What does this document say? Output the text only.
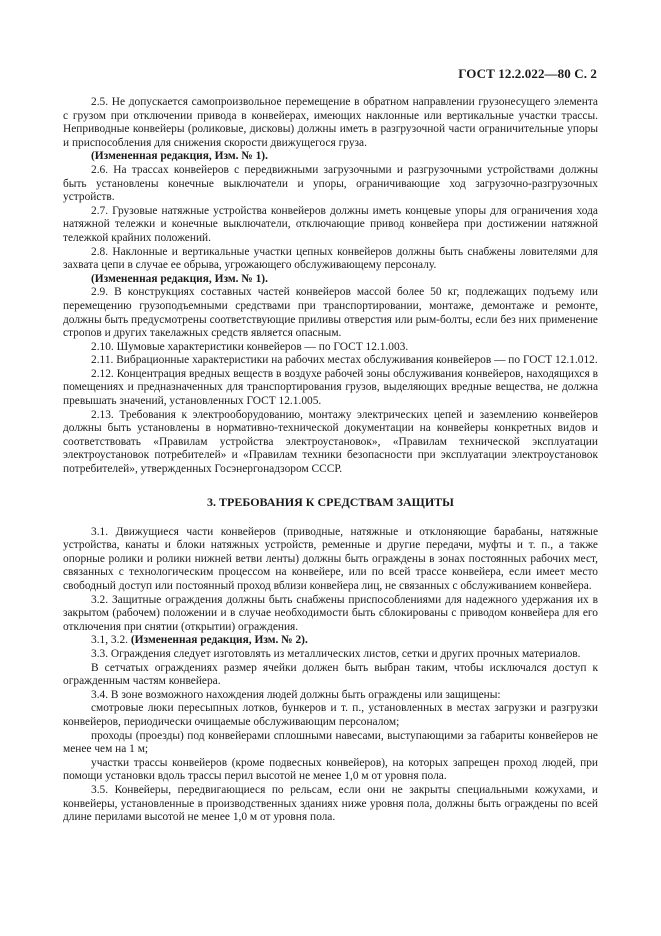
ГОСТ 12.2.022—80 С. 2

2.5. Не допускается самопроизвольное перемещение в обратном направлении грузонесущего элемента с грузом при отключении привода в конвейерах, имеющих наклонные или вертикальные участки трассы. Неприводные конвейеры (роликовые, дисковы) должны иметь в разгрузочной части ограничительные упоры и приспособления для снижения скорости движущегося груза.

(Измененная редакция, Изм. № 1).

2.6. На трассах конвейеров с передвижными загрузочными и разгрузочными устройствами должны быть установлены конечные выключатели и упоры, ограничивающие ход загрузочно-разгрузочных устройств.

2.7. Грузовые натяжные устройства конвейеров должны иметь концевые упоры для ограничения хода натяжной тележки и конечные выключатели, отключающие привод конвейера при достижении натяжной тележкой крайних положений.

2.8. Наклонные и вертикальные участки цепных конвейеров должны быть снабжены ловителями для захвата цепи в случае ее обрыва, угрожающего обслуживающему персоналу.

(Измененная редакция, Изм. № 1).

2.9. В конструкциях составных частей конвейеров массой более 50 кг, подлежащих подъему или перемещению грузоподъемными средствами при транспортировании, монтаже, демонтаже и ремонте, должны быть предусмотрены соответствующие приливы отверстия или рым-болты, если без них применение стропов и других такелажных средств является опасным.

2.10. Шумовые характеристики конвейеров — по ГОСТ 12.1.003.

2.11. Вибрационные характеристики на рабочих местах обслуживания конвейеров — по ГОСТ 12.1.012.

2.12. Концентрация вредных веществ в воздухе рабочей зоны обслуживания конвейеров, находящихся в помещениях и предназначенных для транспортирования грузов, выделяющих вредные вещества, не должна превышать значений, установленных ГОСТ 12.1.005.

2.13. Требования к электрооборудованию, монтажу электрических цепей и заземлению конвейеров должны быть установлены в нормативно-технической документации на конвейеры конкретных видов и соответствовать «Правилам устройства электроустановок», «Правилам технической эксплуатации электроустановок потребителей» и «Правилам техники безопасности при эксплуатации электроустановок потребителей», утвержденных Госэнергонадзором СССР.

3. ТРЕБОВАНИЯ К СРЕДСТВАМ ЗАЩИТЫ

3.1. Движущиеся части конвейеров (приводные, натяжные и отклоняющие барабаны, натяжные устройства, канаты и блоки натяжных устройств, ременные и другие передачи, муфты и т. п., а также опорные ролики и ролики нижней ветви ленты) должны быть ограждены в зонах постоянных рабочих мест, связанных с технологическим процессом на конвейере, или по всей трассе конвейера, если имеет место свободный доступ или постоянный проход вблизи конвейера лиц, не связанных с обслуживанием конвейера.

3.2. Защитные ограждения должны быть снабжены приспособлениями для надежного удержания их в закрытом (рабочем) положении и в случае необходимости быть сблокированы с приводом конвейера для его отключения при снятии (открытии) ограждения.

3.1, 3.2. (Измененная редакция, Изм. № 2).

3.3. Ограждения следует изготовлять из металлических листов, сетки и других прочных материалов.

В сетчатых ограждениях размер ячейки должен быть выбран таким, чтобы исключался доступ к огражденным частям конвейера.

3.4. В зоне возможного нахождения людей должны быть ограждены или защищены:

смотровые люки пересыпных лотков, бункеров и т. п., установленных в местах загрузки и разгрузки конвейеров, периодически очищаемые обслуживающим персоналом;

проходы (проезды) под конвейерами сплошными навесами, выступающими за габариты конвейеров не менее чем на 1 м;

участки трассы конвейеров (кроме подвесных конвейеров), на которых запрещен проход людей, при помощи установки вдоль трассы перил высотой не менее 1,0 м от уровня пола.

3.5. Конвейеры, передвигающиеся по рельсам, если они не закрыты специальными кожухами, и конвейеры, установленные в производственных зданиях ниже уровня пола, должны быть ограждены по всей длине перилами высотой не менее 1,0 м от уровня пола.
